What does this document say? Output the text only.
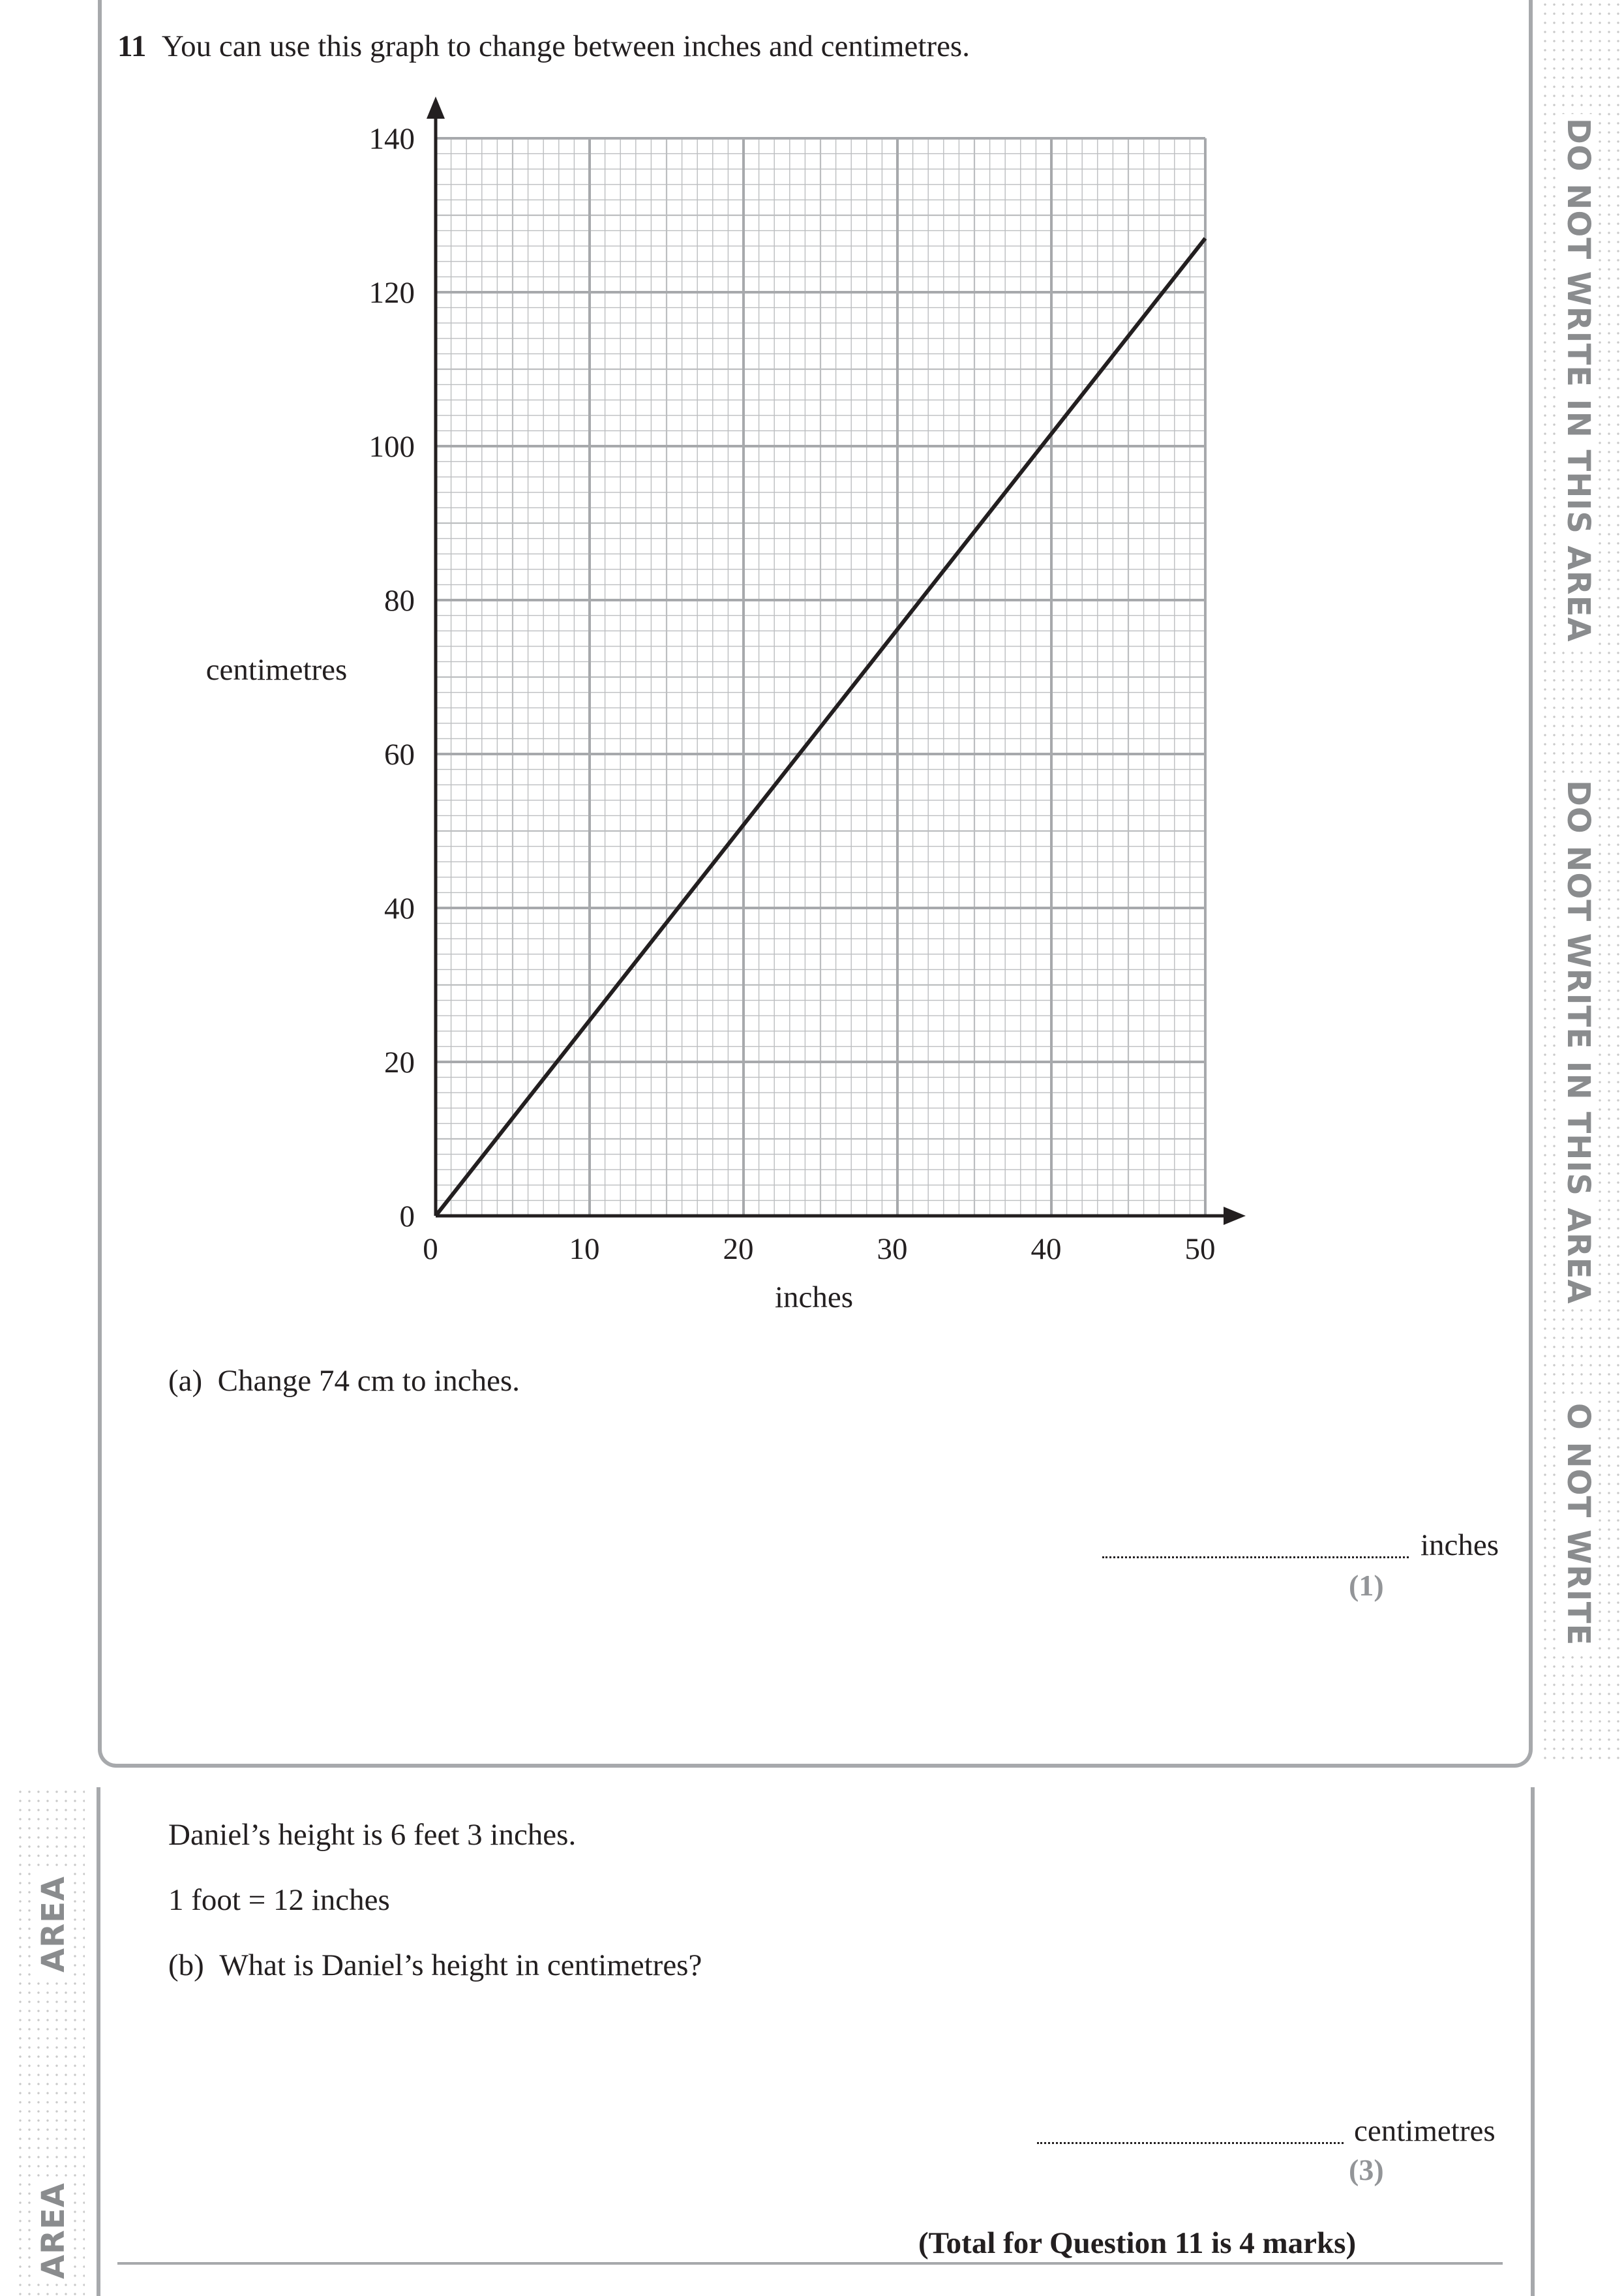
DO NOT WRITE IN THIS AREA
DO NOT WRITE IN THIS AREA
O NOT WRITE
AREA
AREA
11 You can use this graph to change between inches and centimetres.
0	10	20	30	40	50
0
20
40
60
80
100
120
140
inches
centimetres
(a) Change 74 cm to inches.
inches
(1)
Daniel’s height is 6 feet 3 inches.
1 foot = 12 inches
(b) What is Daniel’s height in centimetres?
centimetres
(3)
(Total for Question 11 is 4 marks)
